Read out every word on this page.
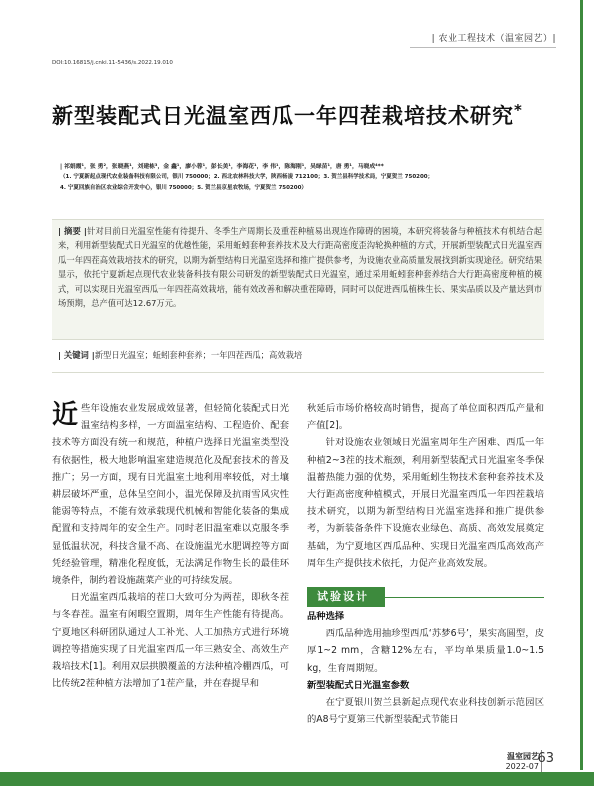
| 农业工程技术（温室园艺）|
DOI:10.16815/j.cnki.11-5436/s.2022.19.010
新型装配式日光温室西瓜一年四茬栽培技术研究*
| 祁娟霞¹，张 勇²，张晓燕¹，刘建栋³，金 鑫¹，廖小蓉¹，彭长美¹，李海花¹，李 伟¹，陈海刚¹，吴绿苗¹，唐 勇¹，马晓成⁴**
（1. 宁夏新起点现代农业装备科技有限公司，银川 750000；2. 西北农林科技大学，陕西杨凌 712100；3. 贺兰县科学技术局，宁夏贺兰 750200；
4. 宁夏回族自治区农业综合开发中心，银川 750000；5. 贺兰县京星农牧场，宁夏贺兰 750200）
| 摘要 |针对目前日光温室性能有待提升、冬季生产周期长及重茬种植易出现连作障碍的困境，本研究将装备与种植技术有机结合起来，利用新型装配式日光温室的优越性能，采用蚯蚓套种套养技术及大行距高密度歪沟轮换种植的方式，开展新型装配式日光温室西瓜一年四茬高效栽培技术的研究，以期为新型结构日光温室选择和推广提供参考，为设施农业高质量发展找到新实现途径。研究结果显示，依托宁夏新起点现代农业装备科技有限公司研发的新型装配式日光温室，通过采用蚯蚓套种套养结合大行距高密度种植的模式，可以实现日光温室西瓜一年四茬高效栽培，能有效改善和解决重茬障碍，同时可以促进西瓜植株生长、果实品质以及产量达到市场预期，总产值可达12.67万元。
| 关键词 |新型日光温室；蚯蚓套种套养；一年四茬西瓜；高效栽培

近些年设施农业发展成效显著，但轻简化装配式日光温室结构多样，一方面温室结构、工程造价、配套技术等方面没有统一和规范，种植户选择日光温室类型没有依据性，极大地影响温室建造规范化及配套技术的普及推广；另一方面，现有日光温室土地利用率较低，对土壤耕层破坏严重，总体呈空间小，温光保障及抗雨雪风灾性能弱等特点，不能有效承载现代机械和智能化装备的集成配置和支持周年的安全生产。同时老旧温室难以克服冬季显低温状况，科技含量不高、在设施温光水肥调控等方面凭经验管理，精准化程度低，无法满足作物生长的最佳环境条件，制约着设施蔬菜产业的可持续发展。

日光温室西瓜栽培的茬口大致可分为两茬，即秋冬茬与冬春茬。温室有闲暇空置期，周年生产性能有待提高。宁夏地区科研团队通过人工补光、人工加热方式进行环境调控等措施实现了日光温室西瓜一年三熟安全、高效生产栽培技术[1]。利用双层拱膜覆盖的方法种植冷棚西瓜，可比传统2茬种植方法增加了1茬产量，并在春提早和

秋延后市场价格较高时销售，提高了单位面积西瓜产量和产值[2]。

针对设施农业领域日光温室周年生产困难、西瓜一年种植2~3茬的技术瓶颈，利用新型装配式日光温室冬季保温蓄热能力强的优势，采用蚯蚓生物技术套种套养技术及大行距高密度种植模式，开展日光温室西瓜一年四茬栽培技术研究，以期为新型结构日光温室选择和推广提供参考，为新装备条件下设施农业绿色、高质、高效发展奠定基础，为宁夏地区西瓜品种、实现日光温室西瓜高效高产周年生产提供技术依托，力促产业高效发展。

品种选择

西瓜品种选用抽珍型西瓜‘苏梦6号’，果实高圆型，皮厚1~2 mm，含糖12%左右，平均单果质量1.0~1.5 kg，生育周期短。

新型装配式日光温室参数

在宁夏银川贺兰县新起点现代农业科技创新示范园区的A8号宁夏第三代新型装配式节能日

试验设计
温室园艺
2022-07
63
